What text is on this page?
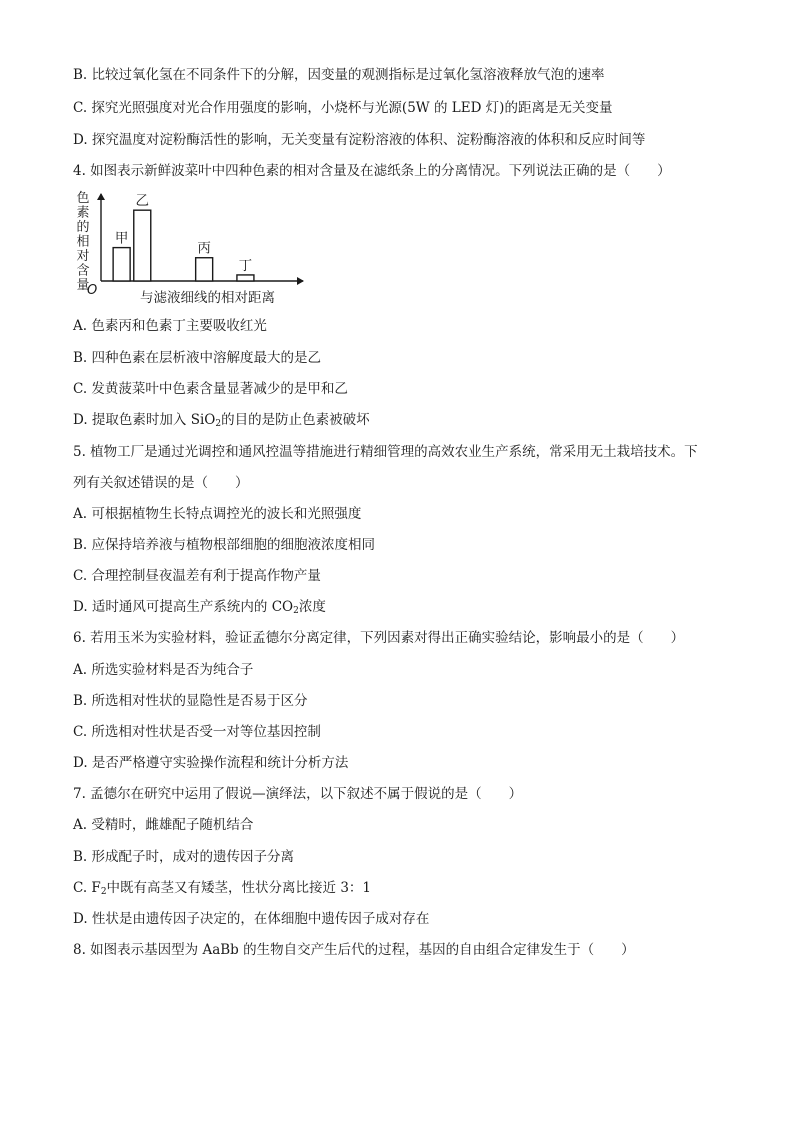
B. 比较过氧化氢在不同条件下的分解，因变量的观测指标是过氧化氢溶液释放气泡的速率
C. 探究光照强度对光合作用强度的影响，小烧杯与光源(5W 的 LED 灯)的距离是无关变量
D. 探究温度对淀粉酶活性的影响，无关变量有淀粉溶液的体积、淀粉酶溶液的体积和反应时间等
4. 如图表示新鲜波菜叶中四种色素的相对含量及在滤纸条上的分离情况。下列说法正确的是（　　）
色素的相对含量
O	与滤液细线的相对距离
甲
乙
丙
丁
A. 色素丙和色素丁主要吸收红光
B. 四种色素在层析液中溶解度最大的是乙
C. 发黄菠菜叶中色素含量显著减少的是甲和乙
D. 提取色素时加入 SiO$_2$的目的是防止色素被破坏
5. 植物工厂是通过光调控和通风控温等措施进行精细管理的高效农业生产系统，常采用无土栽培技术。下
列有关叙述错误的是（　　）
A. 可根据植物生长特点调控光的波长和光照强度
B. 应保持培养液与植物根部细胞的细胞液浓度相同
C. 合理控制昼夜温差有利于提高作物产量
D. 适时通风可提高生产系统内的 $CO_2$浓度
6. 若用玉米为实验材料，验证孟德尔分离定律，下列因素对得出正确实验结论，影响最小的是（　　）
A. 所选实验材料是否为纯合子
B. 所选相对性状的显隐性是否易于区分
C. 所选相对性状是否受一对等位基因控制
D. 是否严格遵守实验操作流程和统计分析方法
7. 孟德尔在研究中运用了假说—演绎法，以下叙述不属于假说的是（　　）
A. 受精时，雌雄配子随机结合
B. 形成配子时，成对的遗传因子分离
C. $F_2$中既有高茎又有矮茎，性状分离比接近 3：1
D. 性状是由遗传因子决定的，在体细胞中遗传因子成对存在
8. 如图表示基因型为 AaBb 的生物自交产生后代的过程，基因的自由组合定律发生于（　　）
